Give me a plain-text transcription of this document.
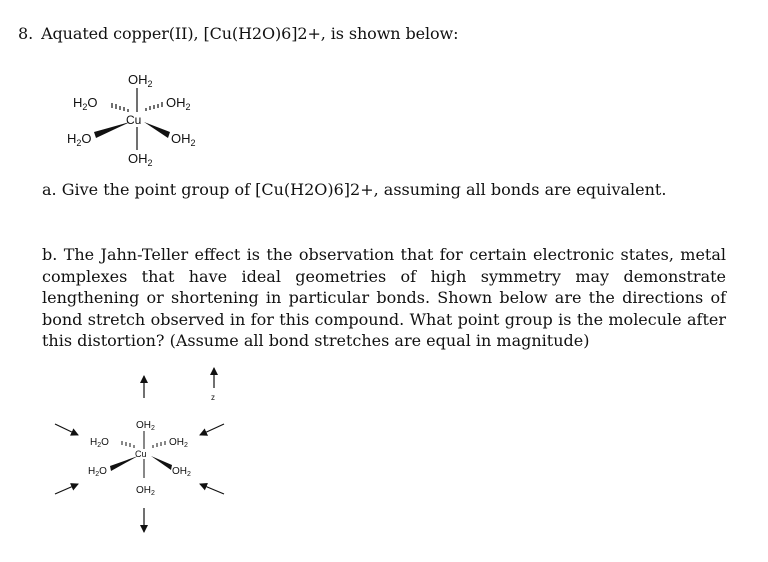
8. Aquated copper(II), [Cu(H2O)6]2+, is shown below:
$OH_2$
$H_2O$	$OH_2$
Cu
$H_2O$	$OH_2$
$OH_2$
a. Give the point group of [Cu(H2O)6]2+, assuming all bonds are equivalent.
b. The Jahn-Teller effect is the observation that for certain electronic states, metal complexes that have ideal geometries of high symmetry may demonstrate lengthening or shortening in particular bonds. Shown below are the directions of bond stretch observed in for this compound. What point group is the molecule after this distortion? (Assume all bond stretches are equal in magnitude)
$OH_2$
$H_2O$	$OH_2$
Cu
$H_2O$	$OH_2$
$OH_2$
z
